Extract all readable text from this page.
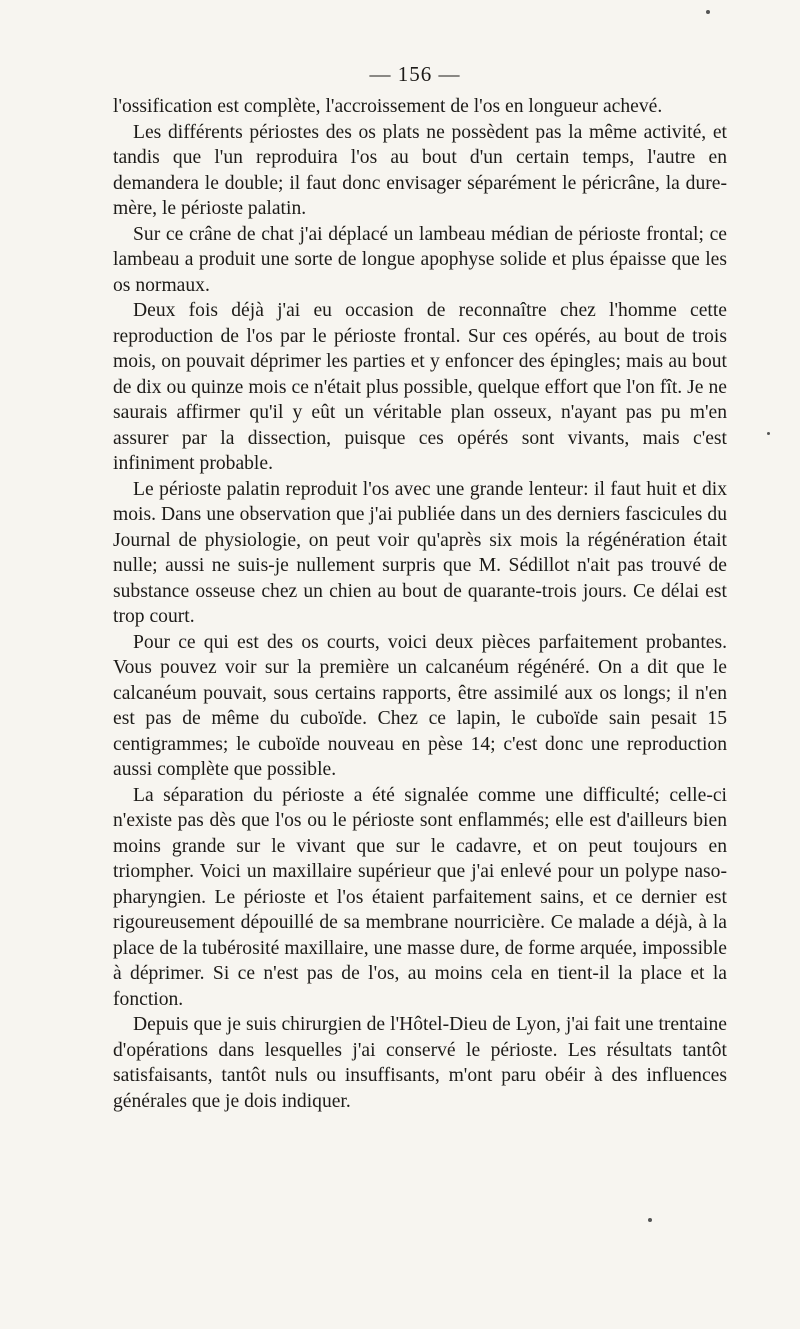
— 156 —

l'ossification est complète, l'accroissement de l'os en longueur achevé.

Les différents périostes des os plats ne possèdent pas la même activité, et tandis que l'un reproduira l'os au bout d'un certain temps, l'autre en demandera le double; il faut donc envisager séparément le péricrâne, la dure-mère, le périoste palatin.

Sur ce crâne de chat j'ai déplacé un lambeau médian de périoste frontal; ce lambeau a produit une sorte de longue apophyse solide et plus épaisse que les os normaux.

Deux fois déjà j'ai eu occasion de reconnaître chez l'homme cette reproduction de l'os par le périoste frontal. Sur ces opérés, au bout de trois mois, on pouvait déprimer les parties et y enfoncer des épingles; mais au bout de dix ou quinze mois ce n'était plus possible, quelque effort que l'on fît. Je ne saurais affirmer qu'il y eût un véritable plan osseux, n'ayant pas pu m'en assurer par la dissection, puisque ces opérés sont vivants, mais c'est infiniment probable.

Le périoste palatin reproduit l'os avec une grande lenteur: il faut huit et dix mois. Dans une observation que j'ai publiée dans un des derniers fascicules du Journal de physiologie, on peut voir qu'après six mois la régénération était nulle; aussi ne suis-je nullement surpris que M. Sédillot n'ait pas trouvé de substance osseuse chez un chien au bout de quarante-trois jours. Ce délai est trop court.

Pour ce qui est des os courts, voici deux pièces parfaitement probantes. Vous pouvez voir sur la première un calcanéum régénéré. On a dit que le calcanéum pouvait, sous certains rapports, être assimilé aux os longs; il n'en est pas de même du cuboïde. Chez ce lapin, le cuboïde sain pesait 15 centigrammes; le cuboïde nouveau en pèse 14; c'est donc une reproduction aussi complète que possible.

La séparation du périoste a été signalée comme une difficulté; celle-ci n'existe pas dès que l'os ou le périoste sont enflammés; elle est d'ailleurs bien moins grande sur le vivant que sur le cadavre, et on peut toujours en triompher. Voici un maxillaire supérieur que j'ai enlevé pour un polype naso-pharyngien. Le périoste et l'os étaient parfaitement sains, et ce dernier est rigoureusement dépouillé de sa membrane nourricière. Ce malade a déjà, à la place de la tubérosité maxillaire, une masse dure, de forme arquée, impossible à déprimer. Si ce n'est pas de l'os, au moins cela en tient-il la place et la fonction.

Depuis que je suis chirurgien de l'Hôtel-Dieu de Lyon, j'ai fait une trentaine d'opérations dans lesquelles j'ai conservé le périoste. Les résultats tantôt satisfaisants, tantôt nuls ou insuffisants, m'ont paru obéir à des influences générales que je dois indiquer.
